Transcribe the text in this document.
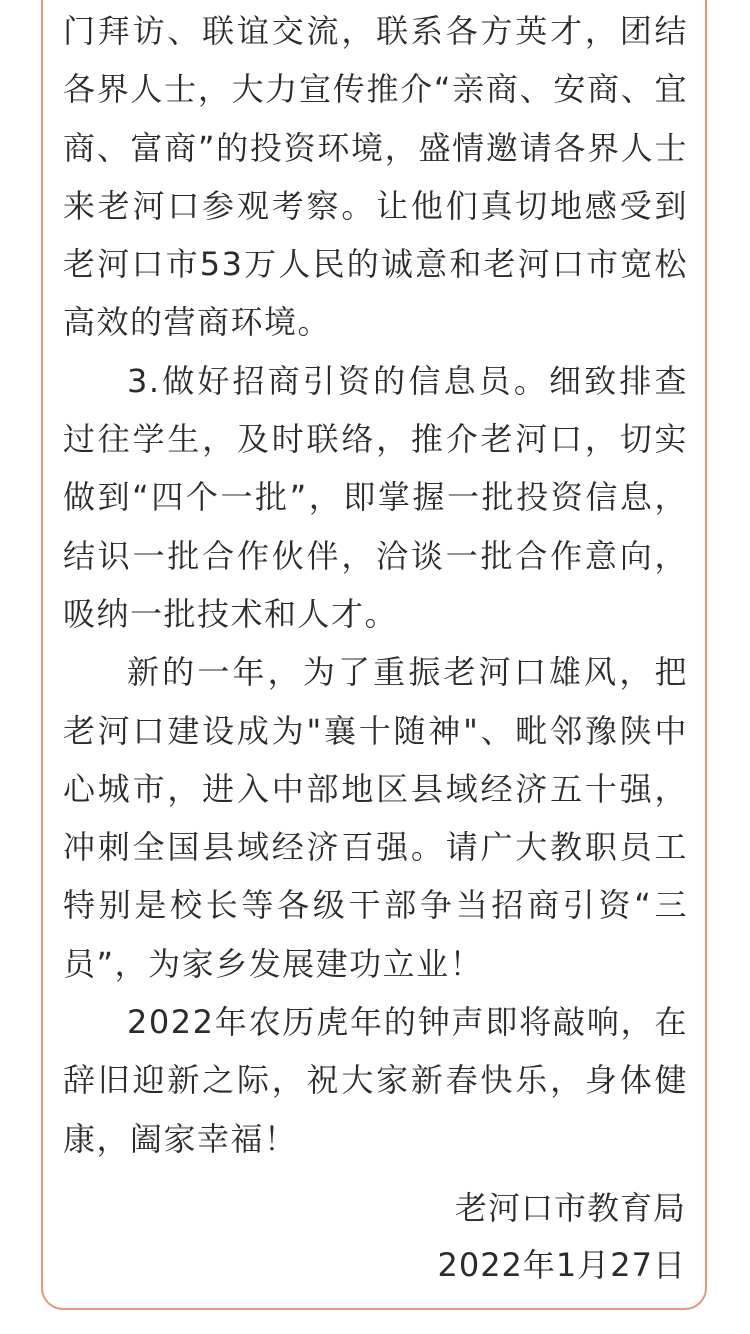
门拜访、联谊交流，联系各方英才，团结各界人士，大力宣传推介“亲商、安商、宜商、富商”的投资环境，盛情邀请各界人士来老河口参观考察。让他们真切地感受到老河口市53万人民的诚意和老河口市宽松高效的营商环境。

3.做好招商引资的信息员。细致排查过往学生，及时联络，推介老河口，切实做到“四个一批”，即掌握一批投资信息，结识一批合作伙伴，洽谈一批合作意向，吸纳一批技术和人才。

新的一年，为了重振老河口雄风，把老河口建设成为"襄十随神"、毗邻豫陕中心城市，进入中部地区县域经济五十强，冲刺全国县域经济百强。请广大教职员工特别是校长等各级干部争当招商引资“三员”，为家乡发展建功立业！

2022年农历虎年的钟声即将敲响，在辞旧迎新之际，祝大家新春快乐，身体健康，阖家幸福！

老河口市教育局
2022年1月27日
